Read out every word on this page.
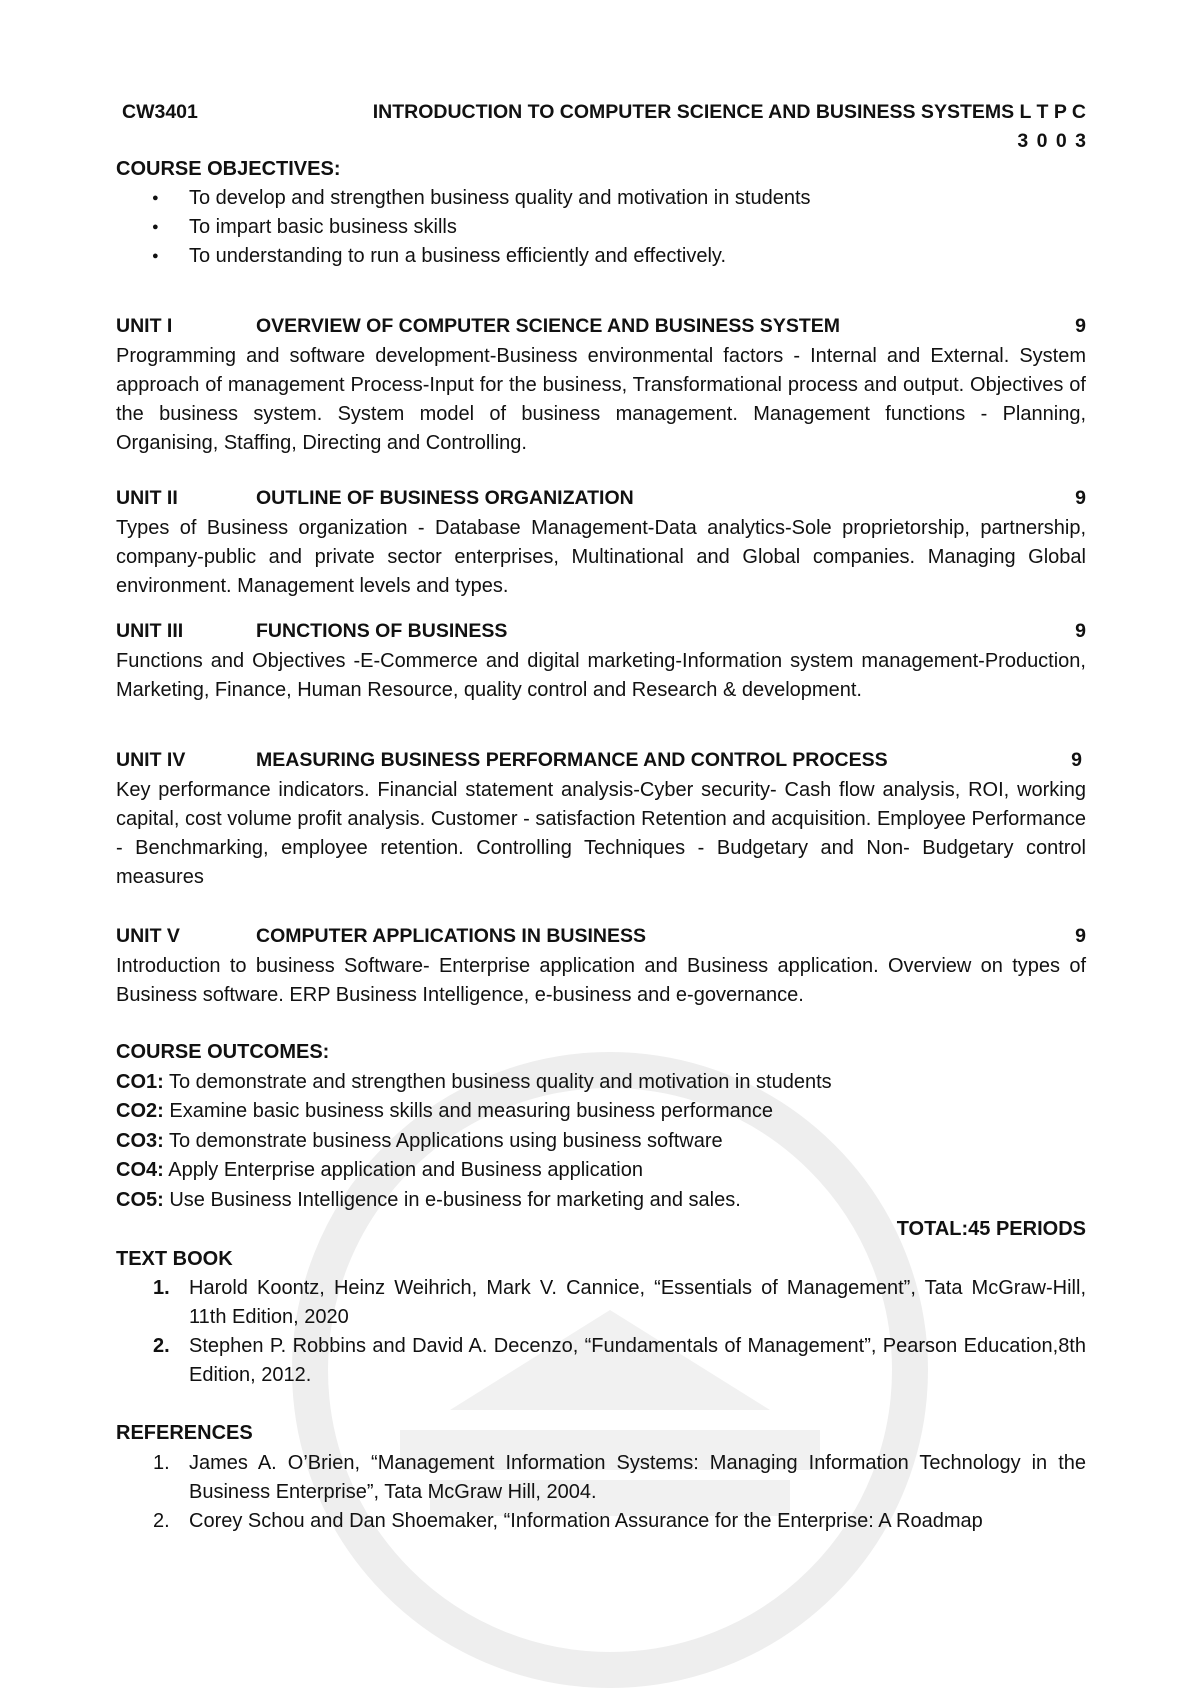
CW3401	INTRODUCTION TO COMPUTER SCIENCE AND BUSINESS SYSTEMS L T P C
3 0 0 3
COURSE OBJECTIVES:
● To develop and strengthen business quality and motivation in students
● To impart basic business skills
● To understanding to run a business efficiently and effectively.
UNIT I	OVERVIEW OF COMPUTER SCIENCE AND BUSINESS SYSTEM	9
Programming and software development-Business environmental factors - Internal and External. System approach of management Process-Input for the business, Transformational process and output. Objectives of the business system. System model of business management. Management functions - Planning, Organising, Staffing, Directing and Controlling.
UNIT II	OUTLINE OF BUSINESS ORGANIZATION	9
Types of Business organization - Database Management-Data analytics-Sole proprietorship, partnership, company-public and private sector enterprises, Multinational and Global companies. Managing Global environment. Management levels and types.
UNIT III	FUNCTIONS OF BUSINESS	9
Functions and Objectives -E-Commerce and digital marketing-Information system management-Production, Marketing, Finance, Human Resource, quality control and Research & development.
UNIT IV	MEASURING BUSINESS PERFORMANCE AND CONTROL PROCESS	9
Key performance indicators. Financial statement analysis-Cyber security- Cash flow analysis, ROI, working capital, cost volume profit analysis. Customer - satisfaction Retention and acquisition. Employee Performance - Benchmarking, employee retention. Controlling Techniques - Budgetary and Non- Budgetary control measures
UNIT V	COMPUTER APPLICATIONS IN BUSINESS	9
Introduction to business Software- Enterprise application and Business application. Overview on types of Business software. ERP Business Intelligence, e-business and e-governance.
COURSE OUTCOMES:
CO1: To demonstrate and strengthen business quality and motivation in students
CO2: Examine basic business skills and measuring business performance
CO3: To demonstrate business Applications using business software
CO4: Apply Enterprise application and Business application
CO5: Use Business Intelligence in e-business for marketing and sales.
TOTAL:45 PERIODS
TEXT BOOK
1. Harold Koontz, Heinz Weihrich, Mark V. Cannice, “Essentials of Management”, Tata McGraw-Hill, 11th Edition, 2020
2. Stephen P. Robbins and David A. Decenzo, “Fundamentals of Management”, Pearson Education,8th Edition, 2012.
REFERENCES
1. James A. O’Brien, “Management Information Systems: Managing Information Technology in the Business Enterprise”, Tata McGraw Hill, 2004.
2. Corey Schou and Dan Shoemaker, “Information Assurance for the Enterprise: A Roadmap
